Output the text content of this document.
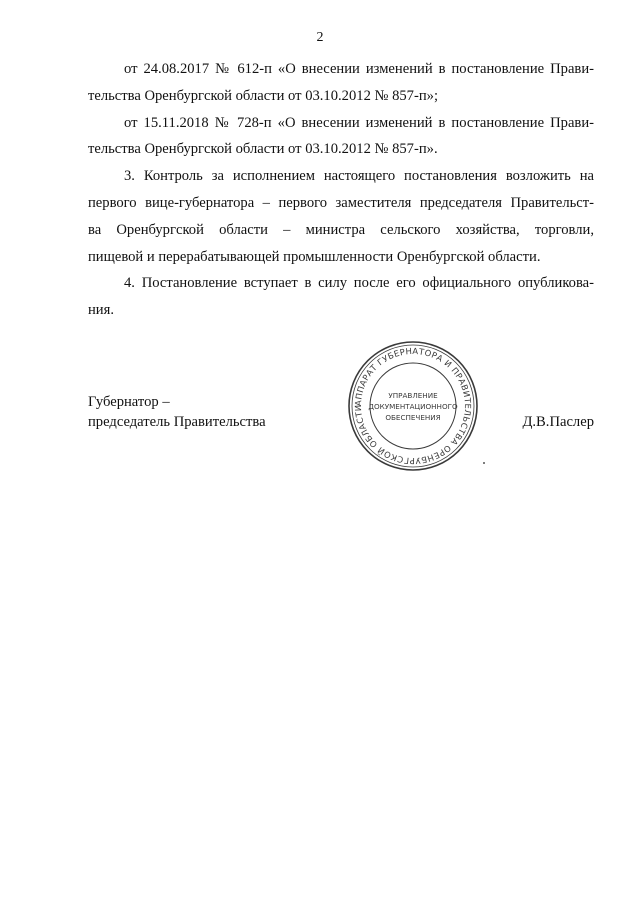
2

от 24.08.2017 № 612-п «О внесении изменений в постановление Прави-
тельства Оренбургской области от 03.10.2012 № 857-п»;

от 15.11.2018 № 728-п «О внесении изменений в постановление Прави-
тельства Оренбургской области от 03.10.2012 № 857-п».

3. Контроль за исполнением настоящего постановления возложить на
первого вице-губернатора – первого заместителя председателя Правительст-
ва Оренбургской области – министра сельского хозяйства, торговли,
пищевой и перерабатывающей промышленности Оренбургской области.

4. Постановление вступает в силу после его официального опубликова-
ния.

Губернатор –
председатель Правительства
АППАРАТ ГУБЕРНАТОРА И ПРАВИТЕЛЬСТВА ОРЕНБУРГСКОЙ ОБЛАСТИ
УПРАВЛЕНИЕ
ДОКУМЕНТАЦИОННОГО
ОБЕСПЕЧЕНИЯ	Д.В.Паслер
